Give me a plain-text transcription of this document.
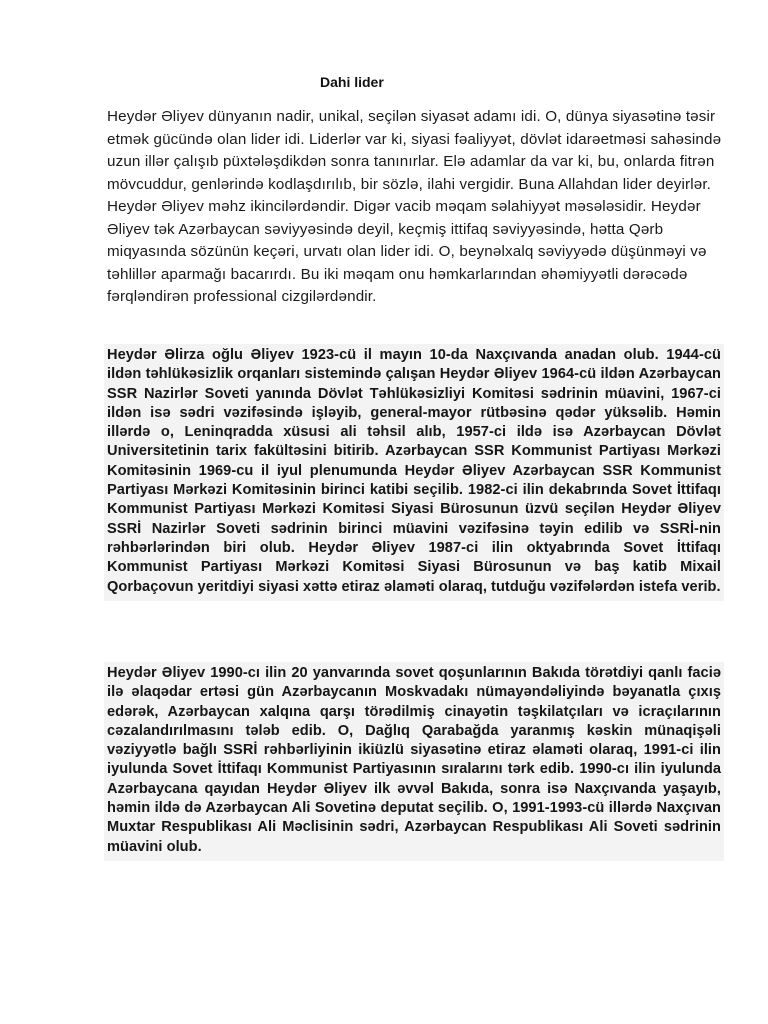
Dahi lider
Heydər Əliyev dünyanın nadir, unikal, seçilən siyasət adamı idi. O, dünya siyasətinə təsir etmək gücündə olan lider idi. Liderlər var ki, siyasi fəaliyyət, dövlət idarəetməsi sahəsində uzun illər çalışıb püxtələşdikdən sonra tanınırlar. Elə adamlar da var ki, bu, onlarda fitrən mövcuddur, genlərində kodlaşdırılıb, bir sözlə, ilahi vergidir. Buna Allahdan lider deyirlər. Heydər Əliyev məhz ikincilərdəndir. Digər vacib məqam səlahiyyət məsələsidir. Heydər Əliyev tək Azərbaycan səviyyəsində deyil, keçmiş ittifaq səviyyəsində, hətta Qərb miqyasında sözünün keçəri, urvatı olan lider idi. O, beynəlxalq səviyyədə düşünməyi və təhlillər aparmağı bacarırdı. Bu iki məqam onu həmkarlarından əhəmiyyətli dərəcədə fərqləndirən professional cizgilərdəndir.

Heydər Əlirza oğlu Əliyev 1923-cü il mayın 10-da Naxçıvanda anadan olub. 1944-cü ildən təhlükəsizlik orqanları sistemində çalışan Heydər Əliyev 1964-cü ildən Azərbaycan SSR Nazirlər Soveti yanında Dövlət Təhlükəsizliyi Komitəsi sədrinin müavini, 1967-ci ildən isə sədri vəzifəsində işləyib, general-mayor rütbəsinə qədər yüksəlib. Həmin illərdə o, Leninqradda xüsusi ali təhsil alıb, 1957-ci ildə isə Azərbaycan Dövlət Universitetinin tarix fakültəsini bitirib. Azərbaycan SSR Kommunist Partiyası Mərkəzi Komitəsinin 1969-cu il iyul plenumunda Heydər Əliyev Azərbaycan SSR Kommunist Partiyası Mərkəzi Komitəsinin birinci katibi seçilib. 1982-ci ilin dekabrında Sovet İttifaqı Kommunist Partiyası Mərkəzi Komitəsi Siyasi Bürosunun üzvü seçilən Heydər Əliyev SSRİ Nazirlər Soveti sədrinin birinci müavini vəzifəsinə təyin edilib və SSRİ-nin rəhbərlərindən biri olub. Heydər Əliyev 1987-ci ilin oktyabrında Sovet İttifaqı Kommunist Partiyası Mərkəzi Komitəsi Siyasi Bürosunun və baş katib Mixail Qorbaçovun yeritdiyi siyasi xəttə etiraz əlaməti olaraq, tutduğu vəzifələrdən istefa verib.

Heydər Əliyev 1990-cı ilin 20 yanvarında sovet qoşunlarının Bakıda törətdiyi qanlı faciə ilə əlaqədar ertəsi gün Azərbaycanın Moskvadakı nümayəndəliyində bəyanatla çıxış edərək, Azərbaycan xalqına qarşı törədilmiş cinayətin təşkilatçıları və icraçılarının cəzalandırılmasını tələb edib. O, Dağlıq Qarabağda yaranmış kəskin münaqişəli vəziyyətlə bağlı SSRİ rəhbərliyinin ikiüzlü siyasətinə etiraz əlaməti olaraq, 1991-ci ilin iyulunda Sovet İttifaqı Kommunist Partiyasının sıralarını tərk edib. 1990-cı ilin iyulunda Azərbaycana qayıdan Heydər Əliyev ilk əvvəl Bakıda, sonra isə Naxçıvanda yaşayıb, həmin ildə də Azərbaycan Ali Sovetinə deputat seçilib. O, 1991-1993-cü illərdə Naxçıvan Muxtar Respublikası Ali Məclisinin sədri, Azərbaycan Respublikası Ali Soveti sədrinin müavini olub.
